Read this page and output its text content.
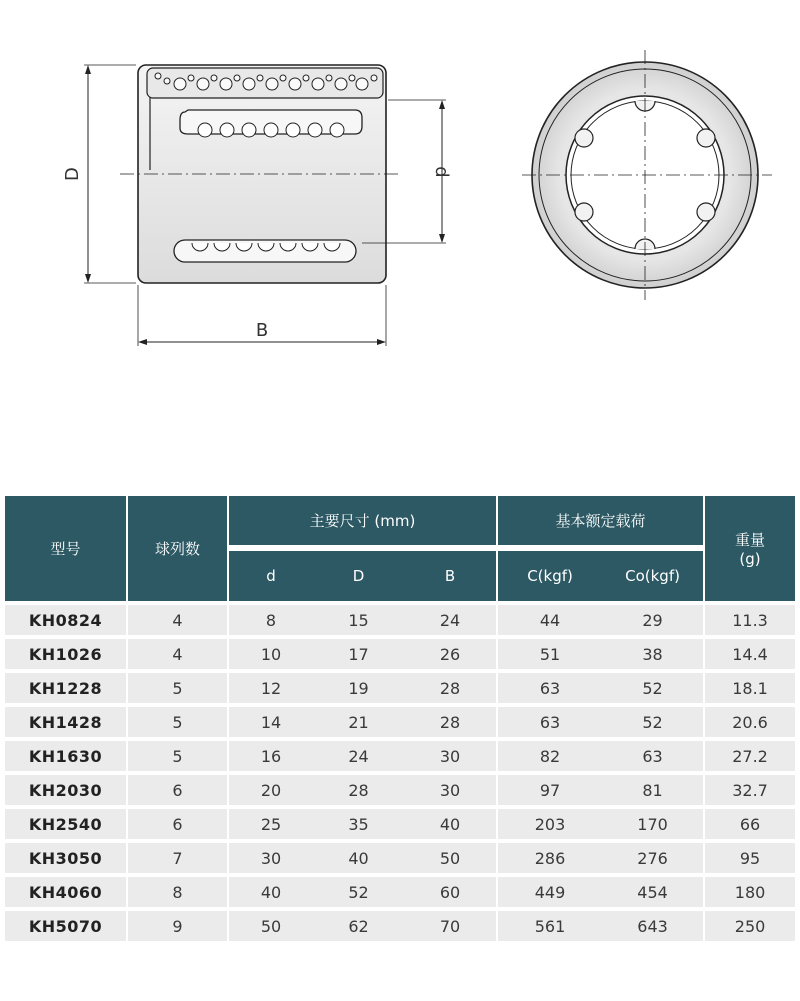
D	d
B
型号	球列数	主要尺寸 (mm)			基本额定载荷		重量
(g)

		d	D	B	C(kgf)	Co(kgf)	
KH0824	4	8	15	24	44	29	11.3
KH1026	4	10	17	26	51	38	14.4
KH1228	5	12	19	28	63	52	18.1
KH1428	5	14	21	28	63	52	20.6
KH1630	5	16	24	30	82	63	27.2
KH2030	6	20	28	30	97	81	32.7
KH2540	6	25	35	40	203	170	66
KH3050	7	30	40	50	286	276	95
KH4060	8	40	52	60	449	454	180
KH5070	9	50	62	70	561	643	250
